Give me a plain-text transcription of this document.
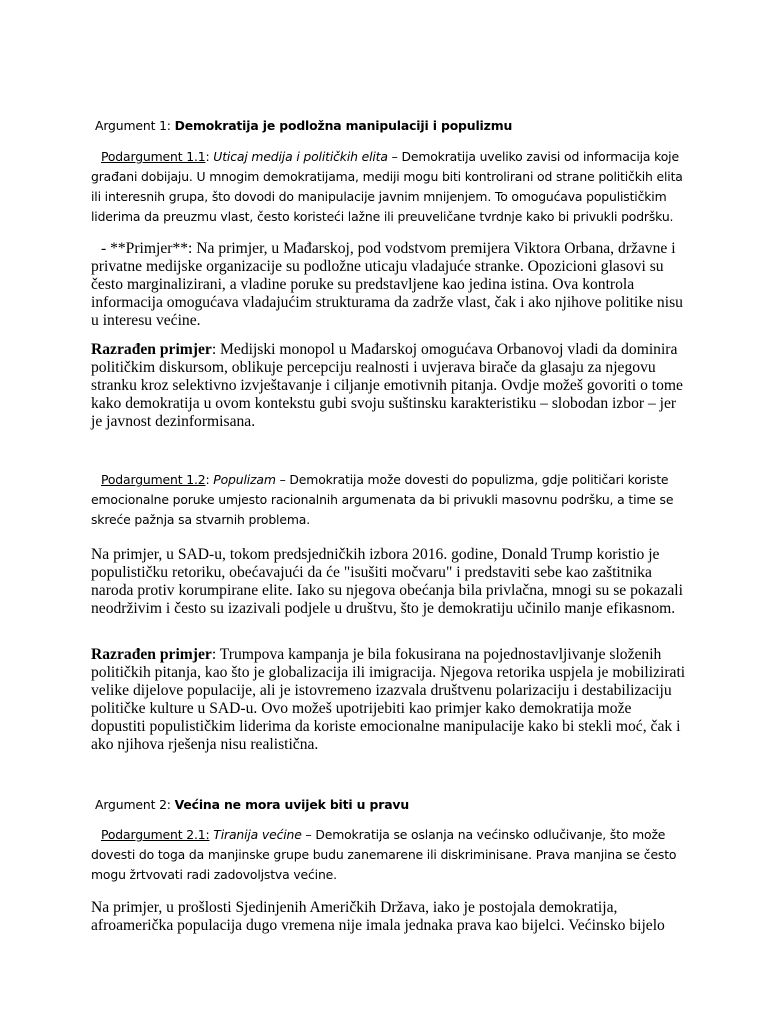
Argument 1: Demokratija je podložna manipulaciji i populizmu

Podargument 1.1: Uticaj medija i političkih elita – Demokratija uveliko zavisi od informacija koje građani dobijaju. U mnogim demokratijama, mediji mogu biti kontrolirani od strane političkih elita ili interesnih grupa, što dovodi do manipulacije javnim mnijenjem. To omogućava populističkim liderima da preuzmu vlast, često koristeći lažne ili preuveličane tvrdnje kako bi privukli podršku.

- **Primjer**: Na primjer, u Mađarskoj, pod vodstvom premijera Viktora Orbana, državne i privatne medijske organizacije su podložne uticaju vladajuće stranke. Opozicioni glasovi su često marginalizirani, a vladine poruke su predstavljene kao jedina istina. Ova kontrola informacija omogućava vladajućim strukturama da zadrže vlast, čak i ako njihove politike nisu u interesu većine.

Razrađen primjer: Medijski monopol u Mađarskoj omogućava Orbanovoj vladi da dominira političkim diskursom, oblikuje percepciju realnosti i uvjerava birače da glasaju za njegovu stranku kroz selektivno izvještavanje i ciljanje emotivnih pitanja. Ovdje možeš govoriti o tome kako demokratija u ovom kontekstu gubi svoju suštinsku karakteristiku – slobodan izbor – jer je javnost dezinformisana.

Podargument 1.2: Populizam – Demokratija može dovesti do populizma, gdje političari koriste emocionalne poruke umjesto racionalnih argumenata da bi privukli masovnu podršku, a time se skreće pažnja sa stvarnih problema.

Na primjer, u SAD-u, tokom predsjedničkih izbora 2016. godine, Donald Trump koristio je populističku retoriku, obećavajući da će "isušiti močvaru" i predstaviti sebe kao zaštitnika naroda protiv korumpirane elite. Iako su njegova obećanja bila privlačna, mnogi su se pokazali neodrživim i često su izazivali podjele u društvu, što je demokratiju učinilo manje efikasnom.

Razrađen primjer: Trumpova kampanja je bila fokusirana na pojednostavljivanje složenih političkih pitanja, kao što je globalizacija ili imigracija. Njegova retorika uspjela je mobilizirati velike dijelove populacije, ali je istovremeno izazvala društvenu polarizaciju i destabilizaciju političke kulture u SAD-u. Ovo možeš upotrijebiti kao primjer kako demokratija može dopustiti populističkim liderima da koriste emocionalne manipulacije kako bi stekli moć, čak i ako njihova rješenja nisu realistična.

Argument 2: Većina ne mora uvijek biti u pravu

Podargument 2.1: Tiranija većine – Demokratija se oslanja na većinsko odlučivanje, što može dovesti do toga da manjinske grupe budu zanemarene ili diskriminisane. Prava manjina se često mogu žrtvovati radi zadovoljstva većine.

Na primjer, u prošlosti Sjedinjenih Američkih Država, iako je postojala demokratija, afroamerička populacija dugo vremena nije imala jednaka prava kao bijelci. Većinsko bijelo
